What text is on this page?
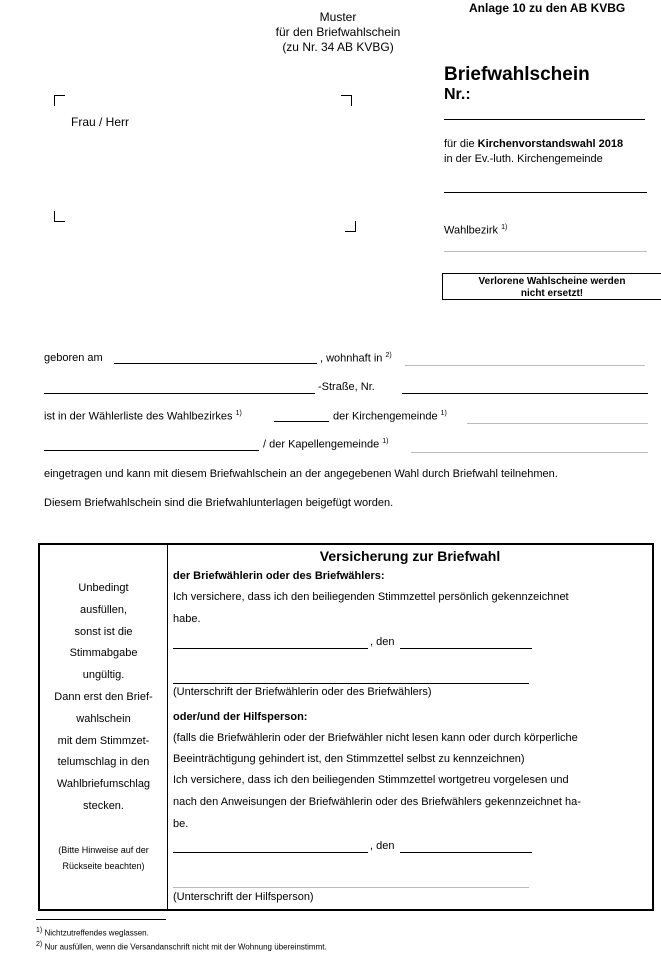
Anlage 10 zu den AB KVBG
Muster
für den Briefwahlschein
(zu Nr. 34 AB KVBG)
Frau / Herr
Briefwahlschein
Nr.:
für die Kirchenvorstandswahl 2018
in der Ev.-luth. Kirchengemeinde
Wahlbezirk $^{1)}$
Verlorene Wahlscheine werden
nicht ersetzt!
geboren am	, wohnhaft in $^{2)}$
-Straße, Nr.
ist in der Wählerliste des Wahlbezirkes $^{1)}$	der Kirchengemeinde $^{1)}$
/ der Kapellengemeinde $^{1)}$
eingetragen und kann mit diesem Briefwahlschein an der angegebenen Wahl durch Briefwahl teilnehmen.
Diesem Briefwahlschein sind die Briefwahlunterlagen beigefügt worden.
Unbedingt
ausfüllen,
sonst ist die
Stimmabgabe
ungültig.
Dann erst den Brief-
wahlschein
mit dem Stimmzet-
telumschlag in den
Wahlbriefumschlag
stecken.
(Bitte Hinweise auf der
Rückseite beachten)
Versicherung zur Briefwahl
der Briefwählerin oder des Briefwählers:
Ich versichere, dass ich den beiliegenden Stimmzettel persönlich gekennzeichnet
habe.
, den
(Unterschrift der Briefwählerin oder des Briefwählers)
oder/und der Hilfsperson:
(falls die Briefwählerin oder der Briefwähler nicht lesen kann oder durch körperliche
Beeinträchtigung gehindert ist, den Stimmzettel selbst zu kennzeichnen)
Ich versichere, dass ich den beiliegenden Stimmzettel wortgetreu vorgelesen und
nach den Anweisungen der Briefwählerin oder des Briefwählers gekennzeichnet ha-
be.
, den
(Unterschrift der Hilfsperson)
$^{1)}$ Nichtzutreffendes weglassen.
$^{2)}$ Nur ausfüllen, wenn die Versandanschrift nicht mit der Wohnung übereinstimmt.
